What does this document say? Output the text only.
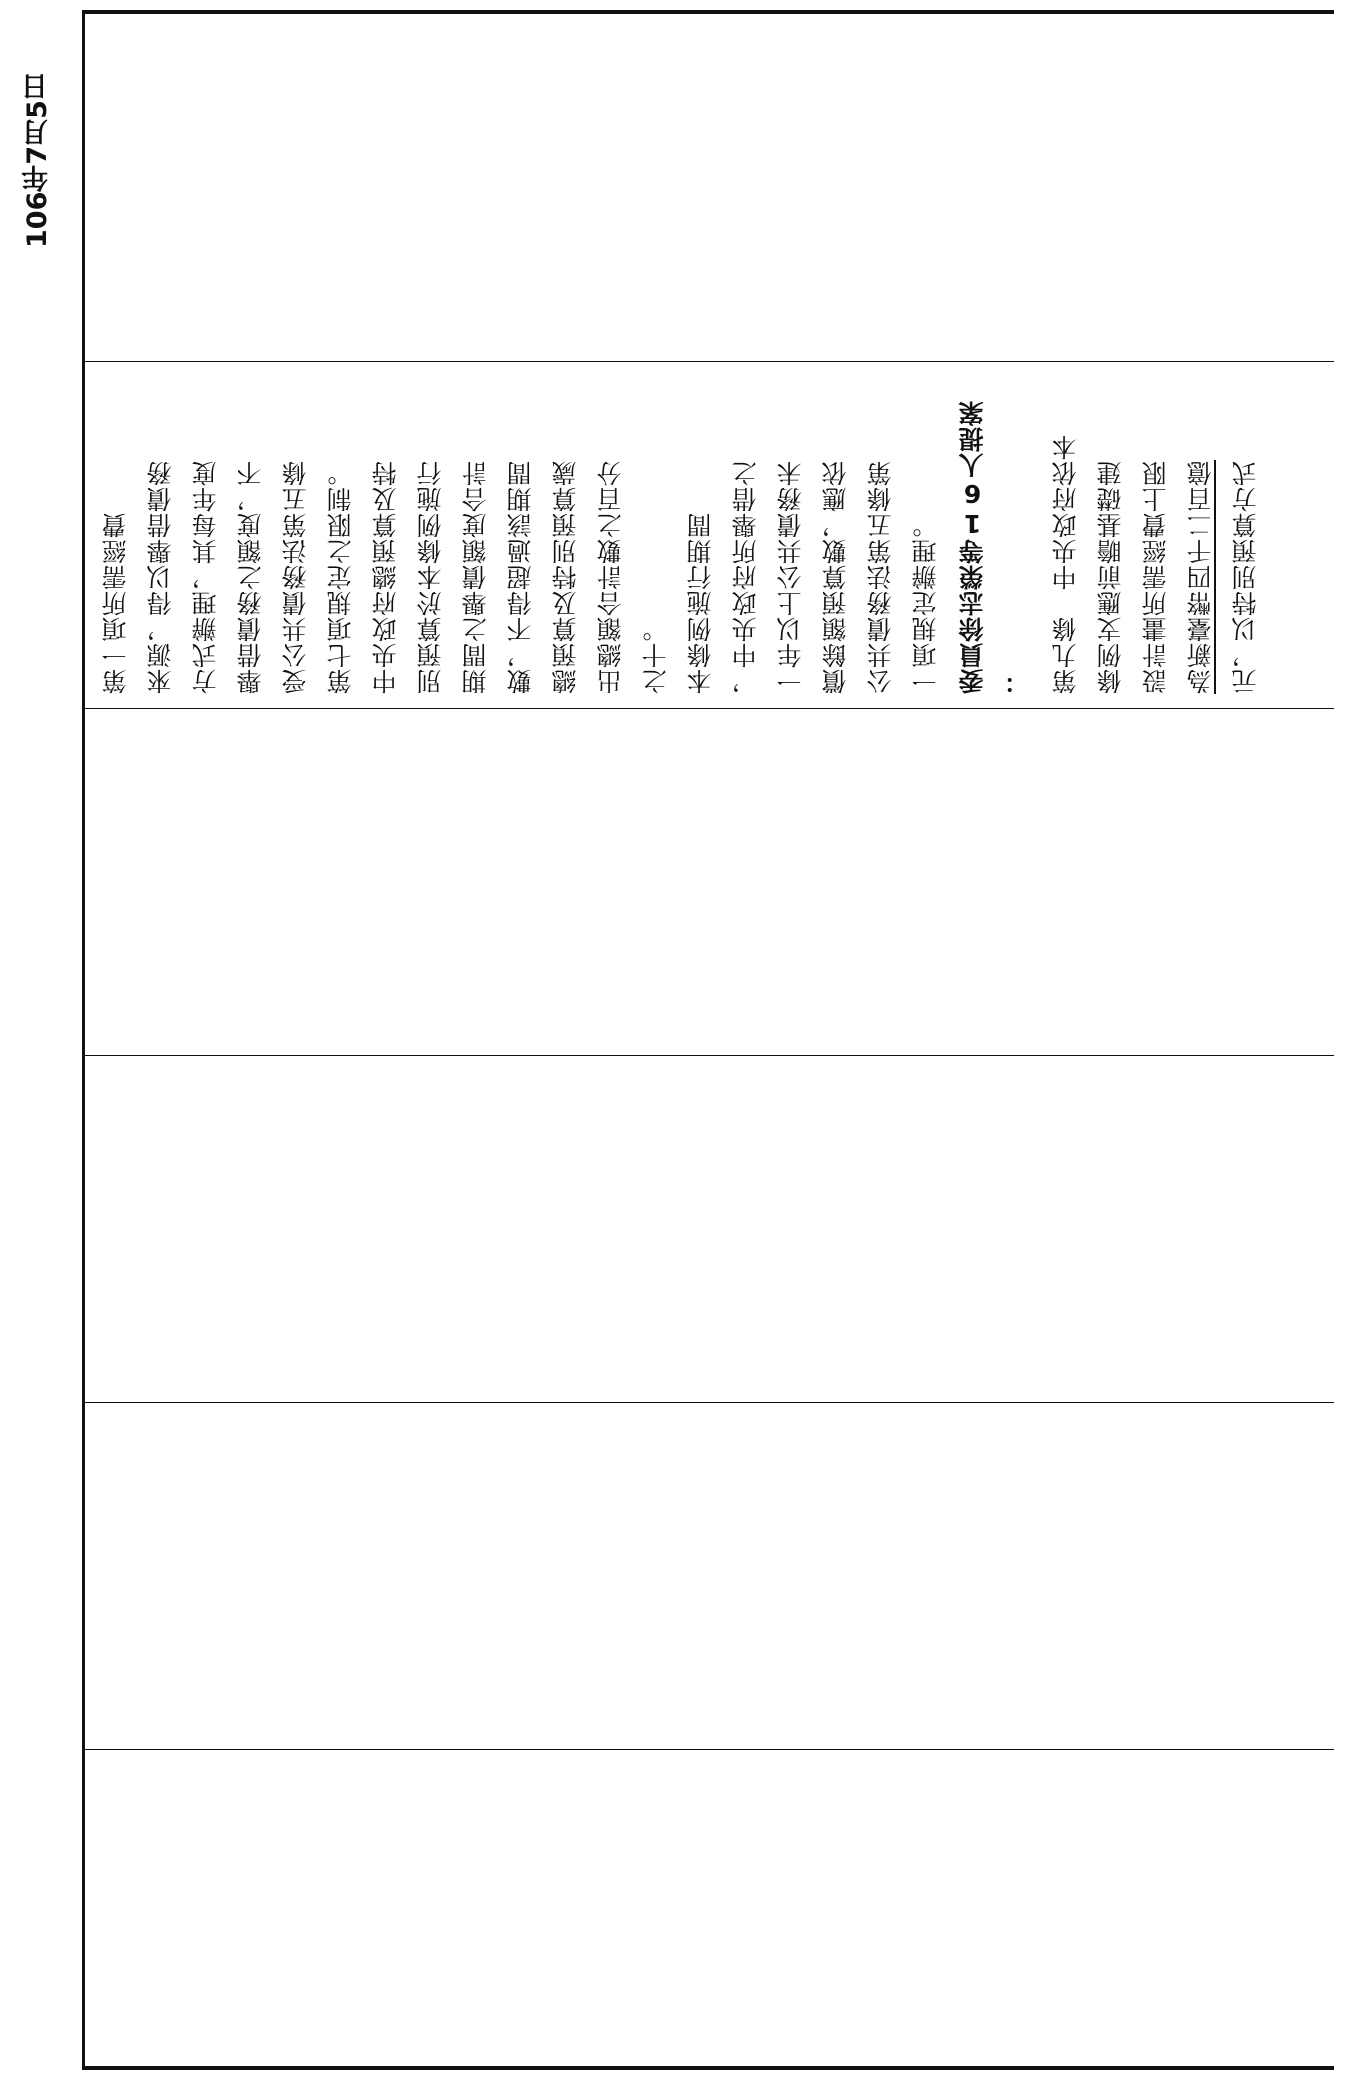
106年7月5日
第一項所需經費 來源，得以舉借債務 方式辦理，其每年度 舉借債務之額度，不 受公共債務法第五條 第七項規定之限制。 中央政府總預算及特 別預算於本條例施行 期間之舉債額度合計 數，不得超過該期間 總預算及特別預算歲 出總額合計數之百分 之十。 本條例施行期間 ，中央政府所舉借之 一年以上公共債務未 償餘額預算數，應依 公共債務法第五條第 一項規定辦理。 委員徐志榮等16人提案 ： 第九條　中央政府依本 條例支應前瞻基礎建 設計畫所需經費上限 為新臺幣四千二百億 元，以特別預算方式
